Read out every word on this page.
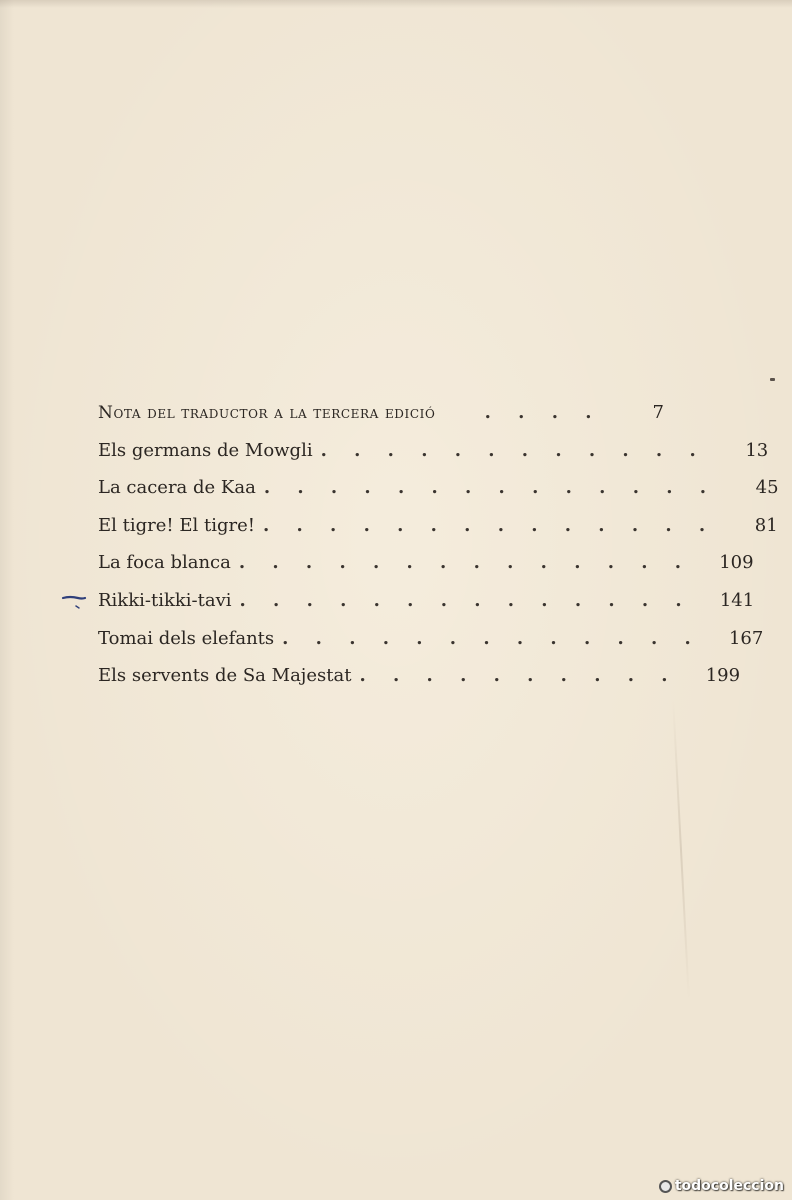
Nota del traductor a la tercera edició	. . . .	7
Els germans de Mowgli . . . . . . . . . . . .	13
La cacera de Kaa . . . . . . . . . . . . . .	45
El tigre! El tigre! . . . . . . . . . . . . . .	81
La foca blanca . . . . . . . . . . . . . .	109
Rikki-tikki-tavi . . . . . . . . . . . . . .	141
Tomai dels elefants . . . . . . . . . . . . .	167
Els servents de Sa Majestat . . . . . . . . . .	199
todocoleccion
